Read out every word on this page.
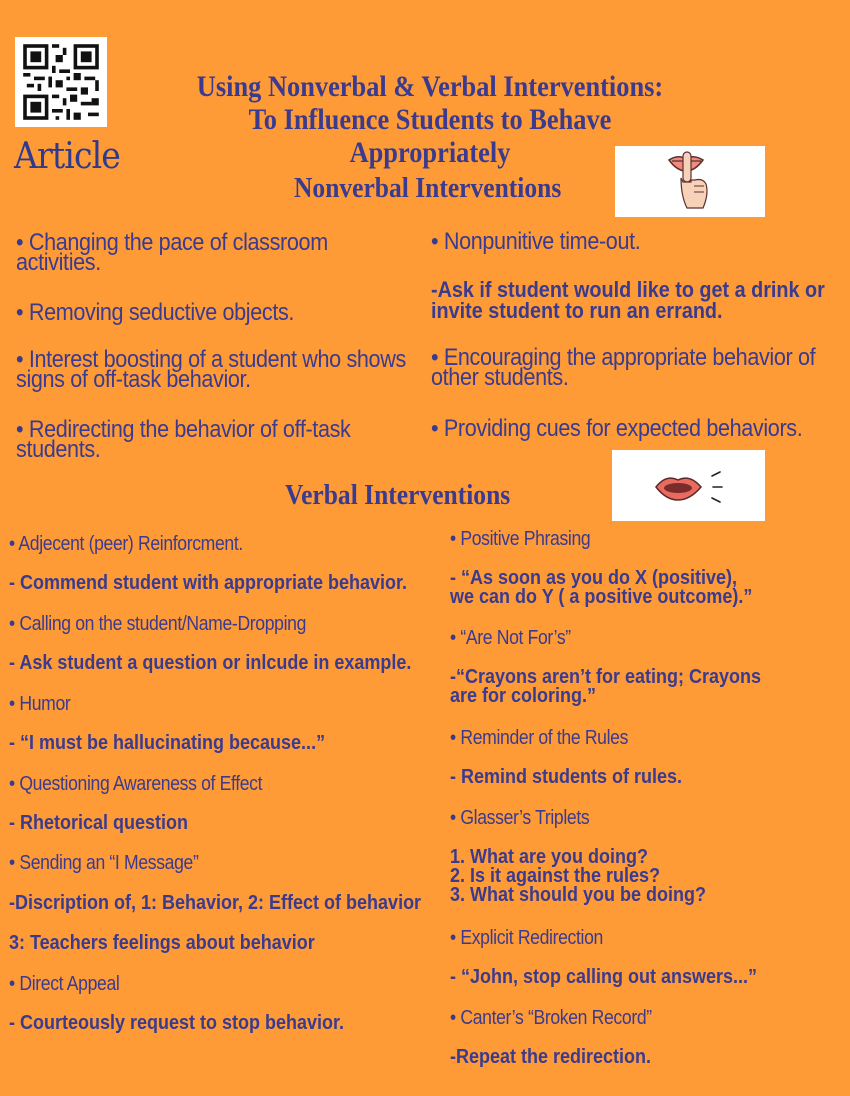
Article
Using Nonverbal & Verbal Interventions:
To Influence Students to Behave Appropriately
Nonverbal Interventions
• Changing the pace of classroom
activities.
• Removing seductive objects.
• Interest boosting of a student who shows
signs of off-task behavior.
• Redirecting the behavior of off-task
students.
• Nonpunitive time-out.
-Ask if student would like to get a drink or
invite student to run an errand.
• Encouraging the appropriate behavior of
other students.
• Providing cues for expected behaviors.
Verbal Interventions
• Adjecent (peer) Reinforcment.
- Commend student with appropriate behavior.
• Calling on the student/Name-Dropping
- Ask student a question or inlcude in example.
• Humor
- “I must be hallucinating because...”
• Questioning Awareness of Effect
- Rhetorical question
• Sending an “I Message”
-Discription of, 1: Behavior, 2: Effect of behavior
3: Teachers feelings about behavior
• Direct Appeal
- Courteously request to stop behavior.
• Positive Phrasing
- “As soon as you do X (positive),
we can do Y ( a positive outcome).”
• “Are Not For’s”
-“Crayons aren’t for eating; Crayons
are for coloring.”
• Reminder of the Rules
- Remind students of rules.
• Glasser’s Triplets
1. What are you doing?
2. Is it against the rules?
3. What should you be doing?
• Explicit Redirection
- “John, stop calling out answers...”
• Canter’s “Broken Record”
-Repeat the redirection.
